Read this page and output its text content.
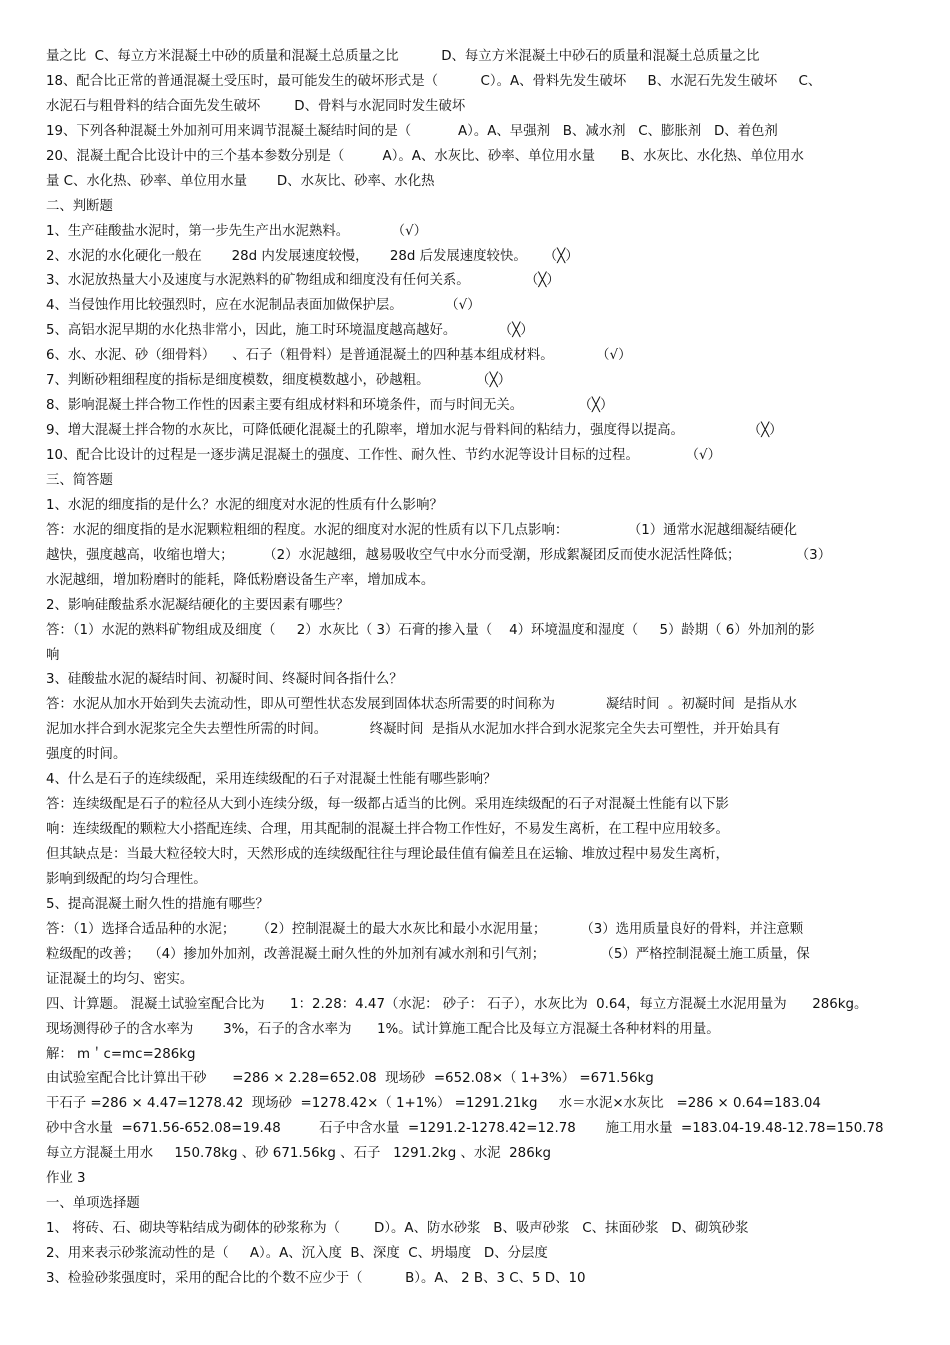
量之比  C、每立方米混凝土中砂的质量和混凝土总质量之比          D、每立方米混凝土中砂石的质量和混凝土总质量之比
18、配合比正常的普通混凝土受压时，最可能发生的破坏形式是（          C）。A、骨料先发生破坏     B、水泥石先发生破坏     C、
水泥石与粗骨料的结合面先发生破坏        D、骨料与水泥同时发生破坏
19、下列各种混凝土外加剂可用来调节混凝土凝结时间的是（           A）。A、早强剂   B、减水剂   C、膨胀剂   D、着色剂
20、混凝土配合比设计中的三个基本参数分别是（         A）。A、水灰比、砂率、单位用水量      B、水灰比、水化热、单位用水
量 C、水化热、砂率、单位用水量       D、水灰比、砂率、水化热
二、判断题
1、生产硅酸盐水泥时，第一步先生产出水泥熟料。          （√）
2、水泥的水化硬化一般在       28d 内发展速度较慢，     28d 后发展速度较快。    （╳）
3、水泥放热量大小及速度与水泥熟料的矿物组成和细度没有任何关系。             （╳）
4、当侵蚀作用比较强烈时，应在水泥制品表面加做保护层。          （√）
5、高铝水泥早期的水化热非常小，因此，施工时环境温度越高越好。          （╳）
6、水、水泥、砂（细骨料）    、石子（粗骨料）是普通混凝土的四种基本组成材料。          （√）
7、判断砂粗细程度的指标是细度模数，细度模数越小，砂越粗。           （╳）
8、影响混凝土拌合物工作性的因素主要有组成材料和环境条件，而与时间无关。             （╳）
9、增大混凝土拌合物的水灰比，可降低硬化混凝土的孔隙率，增加水泥与骨料间的粘结力，强度得以提高。               （╳）
10、配合比设计的过程是一逐步满足混凝土的强度、工作性、耐久性、节约水泥等设计目标的过程。           （√）
三、简答题
1、水泥的细度指的是什么？水泥的细度对水泥的性质有什么影响？
答：水泥的细度指的是水泥颗粒粗细的程度。水泥的细度对水泥的性质有以下几点影响：              （1）通常水泥越细凝结硬化
越快，强度越高，收缩也增大；       （2）水泥越细，越易吸收空气中水分而受潮，形成絮凝团反而使水泥活性降低；             （3）
水泥越细，增加粉磨时的能耗，降低粉磨设备生产率，增加成本。
2、影响硅酸盐系水泥凝结硬化的主要因素有哪些？
答：（1）水泥的熟料矿物组成及细度（     2）水灰比（ 3）石膏的掺入量（    4）环境温度和湿度（     5）龄期（ 6）外加剂的影
响
3、硅酸盐水泥的凝结时间、初凝时间、终凝时间各指什么？
答：水泥从加水开始到失去流动性，即从可塑性状态发展到固体状态所需要的时间称为            凝结时间  。初凝时间  是指从水
泥加水拌合到水泥浆完全失去塑性所需的时间。          终凝时间  是指从水泥加水拌合到水泥浆完全失去可塑性，并开始具有
强度的时间。
4、什么是石子的连续级配，采用连续级配的石子对混凝土性能有哪些影响？
答：连续级配是石子的粒径从大到小连续分级，每一级都占适当的比例。采用连续级配的石子对混凝土性能有以下影
响：连续级配的颗粒大小搭配连续、合理，用其配制的混凝土拌合物工作性好，不易发生离析，在工程中应用较多。
但其缺点是：当最大粒径较大时，天然形成的连续级配往往与理论最佳值有偏差且在运输、堆放过程中易发生离析，
影响到级配的均匀合理性。
5、提高混凝土耐久性的措施有哪些？
答：（1）选择合适品种的水泥；     （2）控制混凝土的最大水灰比和最小水泥用量；        （3）选用质量良好的骨料，并注意颗
粒级配的改善；  （4）掺加外加剂，改善混凝土耐久性的外加剂有减水剂和引气剂；             （5）严格控制混凝土施工质量，保
证混凝土的均匀、密实。
四、计算题。 混凝土试验室配合比为      1：2.28：4.47（水泥： 砂子： 石子），水灰比为  0.64，每立方混凝土水泥用量为      286kg。
现场测得砂子的含水率为       3%，石子的含水率为      1%。试计算施工配合比及每立方混凝土各种材料的用量。
解： m＇c=mc=286kg
由试验室配合比计算出干砂      =286 × 2.28=652.08  现场砂  =652.08×（ 1+3%） =671.56kg
干石子 =286 × 4.47=1278.42  现场砂  =1278.42×（ 1+1%） =1291.21kg     水＝水泥×水灰比   =286 × 0.64=183.04
砂中含水量  =671.56-652.08=19.48         石子中含水量  =1291.2-1278.42=12.78       施工用水量  =183.04-19.48-12.78=150.78
每立方混凝土用水     150.78kg 、砂 671.56kg 、石子   1291.2kg 、水泥  286kg
作业 3
一、单项选择题
1、 将砖、石、砌块等粘结成为砌体的砂浆称为（        D）。A、防水砂浆   B、吸声砂浆   C、抹面砂浆   D、砌筑砂浆
2、用来表示砂浆流动性的是（     A）。A、沉入度  B、深度  C、坍塌度   D、分层度
3、检验砂浆强度时，采用的配合比的个数不应少于（          B）。A、 2 B、3 C、5 D、10
